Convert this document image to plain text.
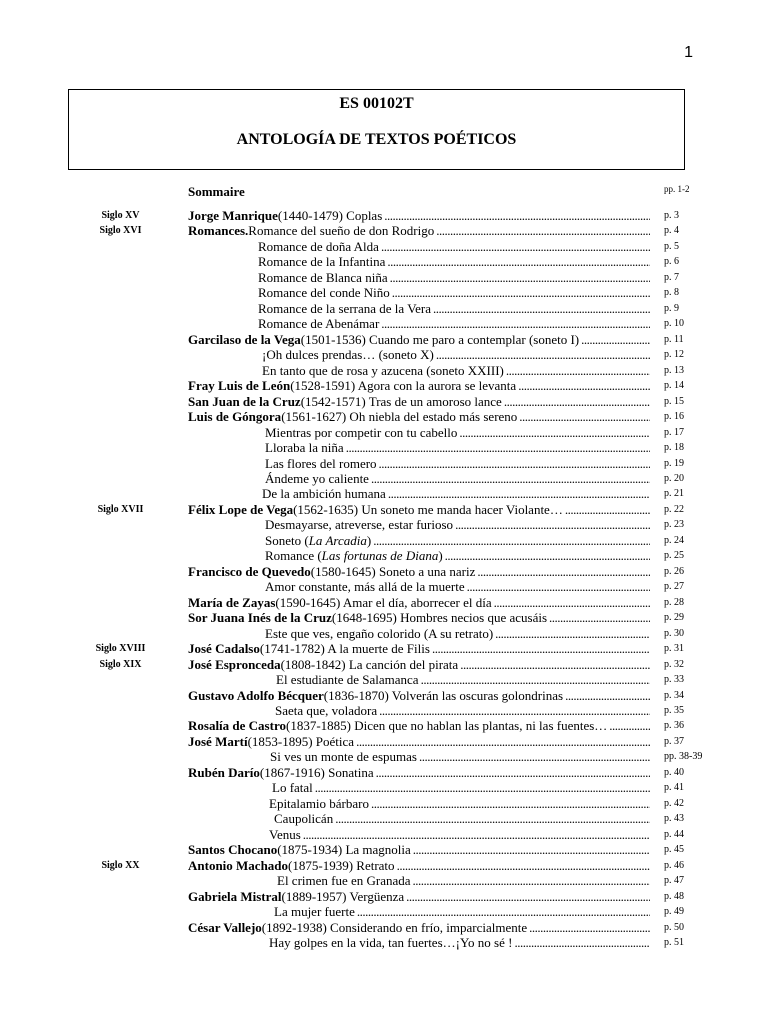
1
ES 00102T
ANTOLOGÍA DE TEXTOS POÉTICOS
Sommaire	pp. 1-2
Siglo XV	Jorge Manrique (1440-1479) Coplas .....	p. 3
Siglo XVI	Romances. Romance del sueño de don Rodrigo .....	p. 4
Romance de doña Alda .....	p. 5
Romance de la Infantina .....	p. 6
Romance de Blanca niña .....	p. 7
Romance del conde Niño .....	p. 8
Romance de la serrana de la Vera .....	p. 9
Romance de Abenámar .....	p. 10
Garcilaso de la Vega (1501-1536) Cuando me paro a contemplar (soneto I) .....	p. 11
¡Oh dulces prendas… (soneto X) .....	p. 12
En tanto que de rosa y azucena (soneto XXIII) .....	p. 13
Fray Luis de León (1528-1591) Agora con la aurora se levanta .....	p. 14
San Juan de la Cruz (1542-1571) Tras de un amoroso lance .....	p. 15
Luis de Góngora (1561-1627) Oh niebla del estado más sereno .....	p. 16
Mientras por competir con tu cabello .....	p. 17
Lloraba la niña .....	p. 18
Las flores del romero .....	p. 19
Ándeme yo caliente .....	p. 20
De la ambición humana .....	p. 21
Siglo XVII	Félix Lope de Vega (1562-1635) Un soneto me manda hacer Violante… .....	p. 22
Desmayarse, atreverse, estar furioso .....	p. 23
Soneto (La Arcadia) .....	p. 24
Romance (Las fortunas de Diana) .....	p. 25
Francisco de Quevedo (1580-1645) Soneto a una nariz .....	p. 26
Amor constante, más allá de la muerte .....	p. 27
María de Zayas (1590-1645) Amar el día, aborrecer el día .....	p. 28
Sor Juana Inés de la Cruz (1648-1695) Hombres necios que acusáis .....	p. 29
Este que ves, engaño colorido (A su retrato) .....	p. 30
Siglo XVIII	José Cadalso (1741-1782) A la muerte de Filis .....	p. 31
Siglo XIX	José Espronceda (1808-1842) La canción del pirata .....	p. 32
El estudiante de Salamanca .....	p. 33
Gustavo Adolfo Bécquer (1836-1870) Volverán las oscuras golondrinas .....	p. 34
Saeta que, voladora .....	p. 35
Rosalía de Castro (1837-1885) Dicen que no hablan las plantas, ni las fuentes… .....	p. 36
José Martí (1853-1895) Poética .....	p. 37
Si ves un monte de espumas .....	pp. 38-39
Rubén Darío (1867-1916) Sonatina .....	p. 40
Lo fatal .....	p. 41
Epitalamio bárbaro .....	p. 42
Caupolicán .....	p. 43
Venus .....	p. 44
Santos Chocano (1875-1934) La magnolia .....	p. 45
Siglo XX	Antonio Machado (1875-1939) Retrato .....	p. 46
El crimen fue en Granada .....	p. 47
Gabriela Mistral (1889-1957) Vergüenza .....	p. 48
La mujer fuerte .....	p. 49
César Vallejo (1892-1938) Considerando en frío, imparcialmente .....	p. 50
Hay golpes en la vida, tan fuertes…¡Yo no sé ! .....	p. 51
